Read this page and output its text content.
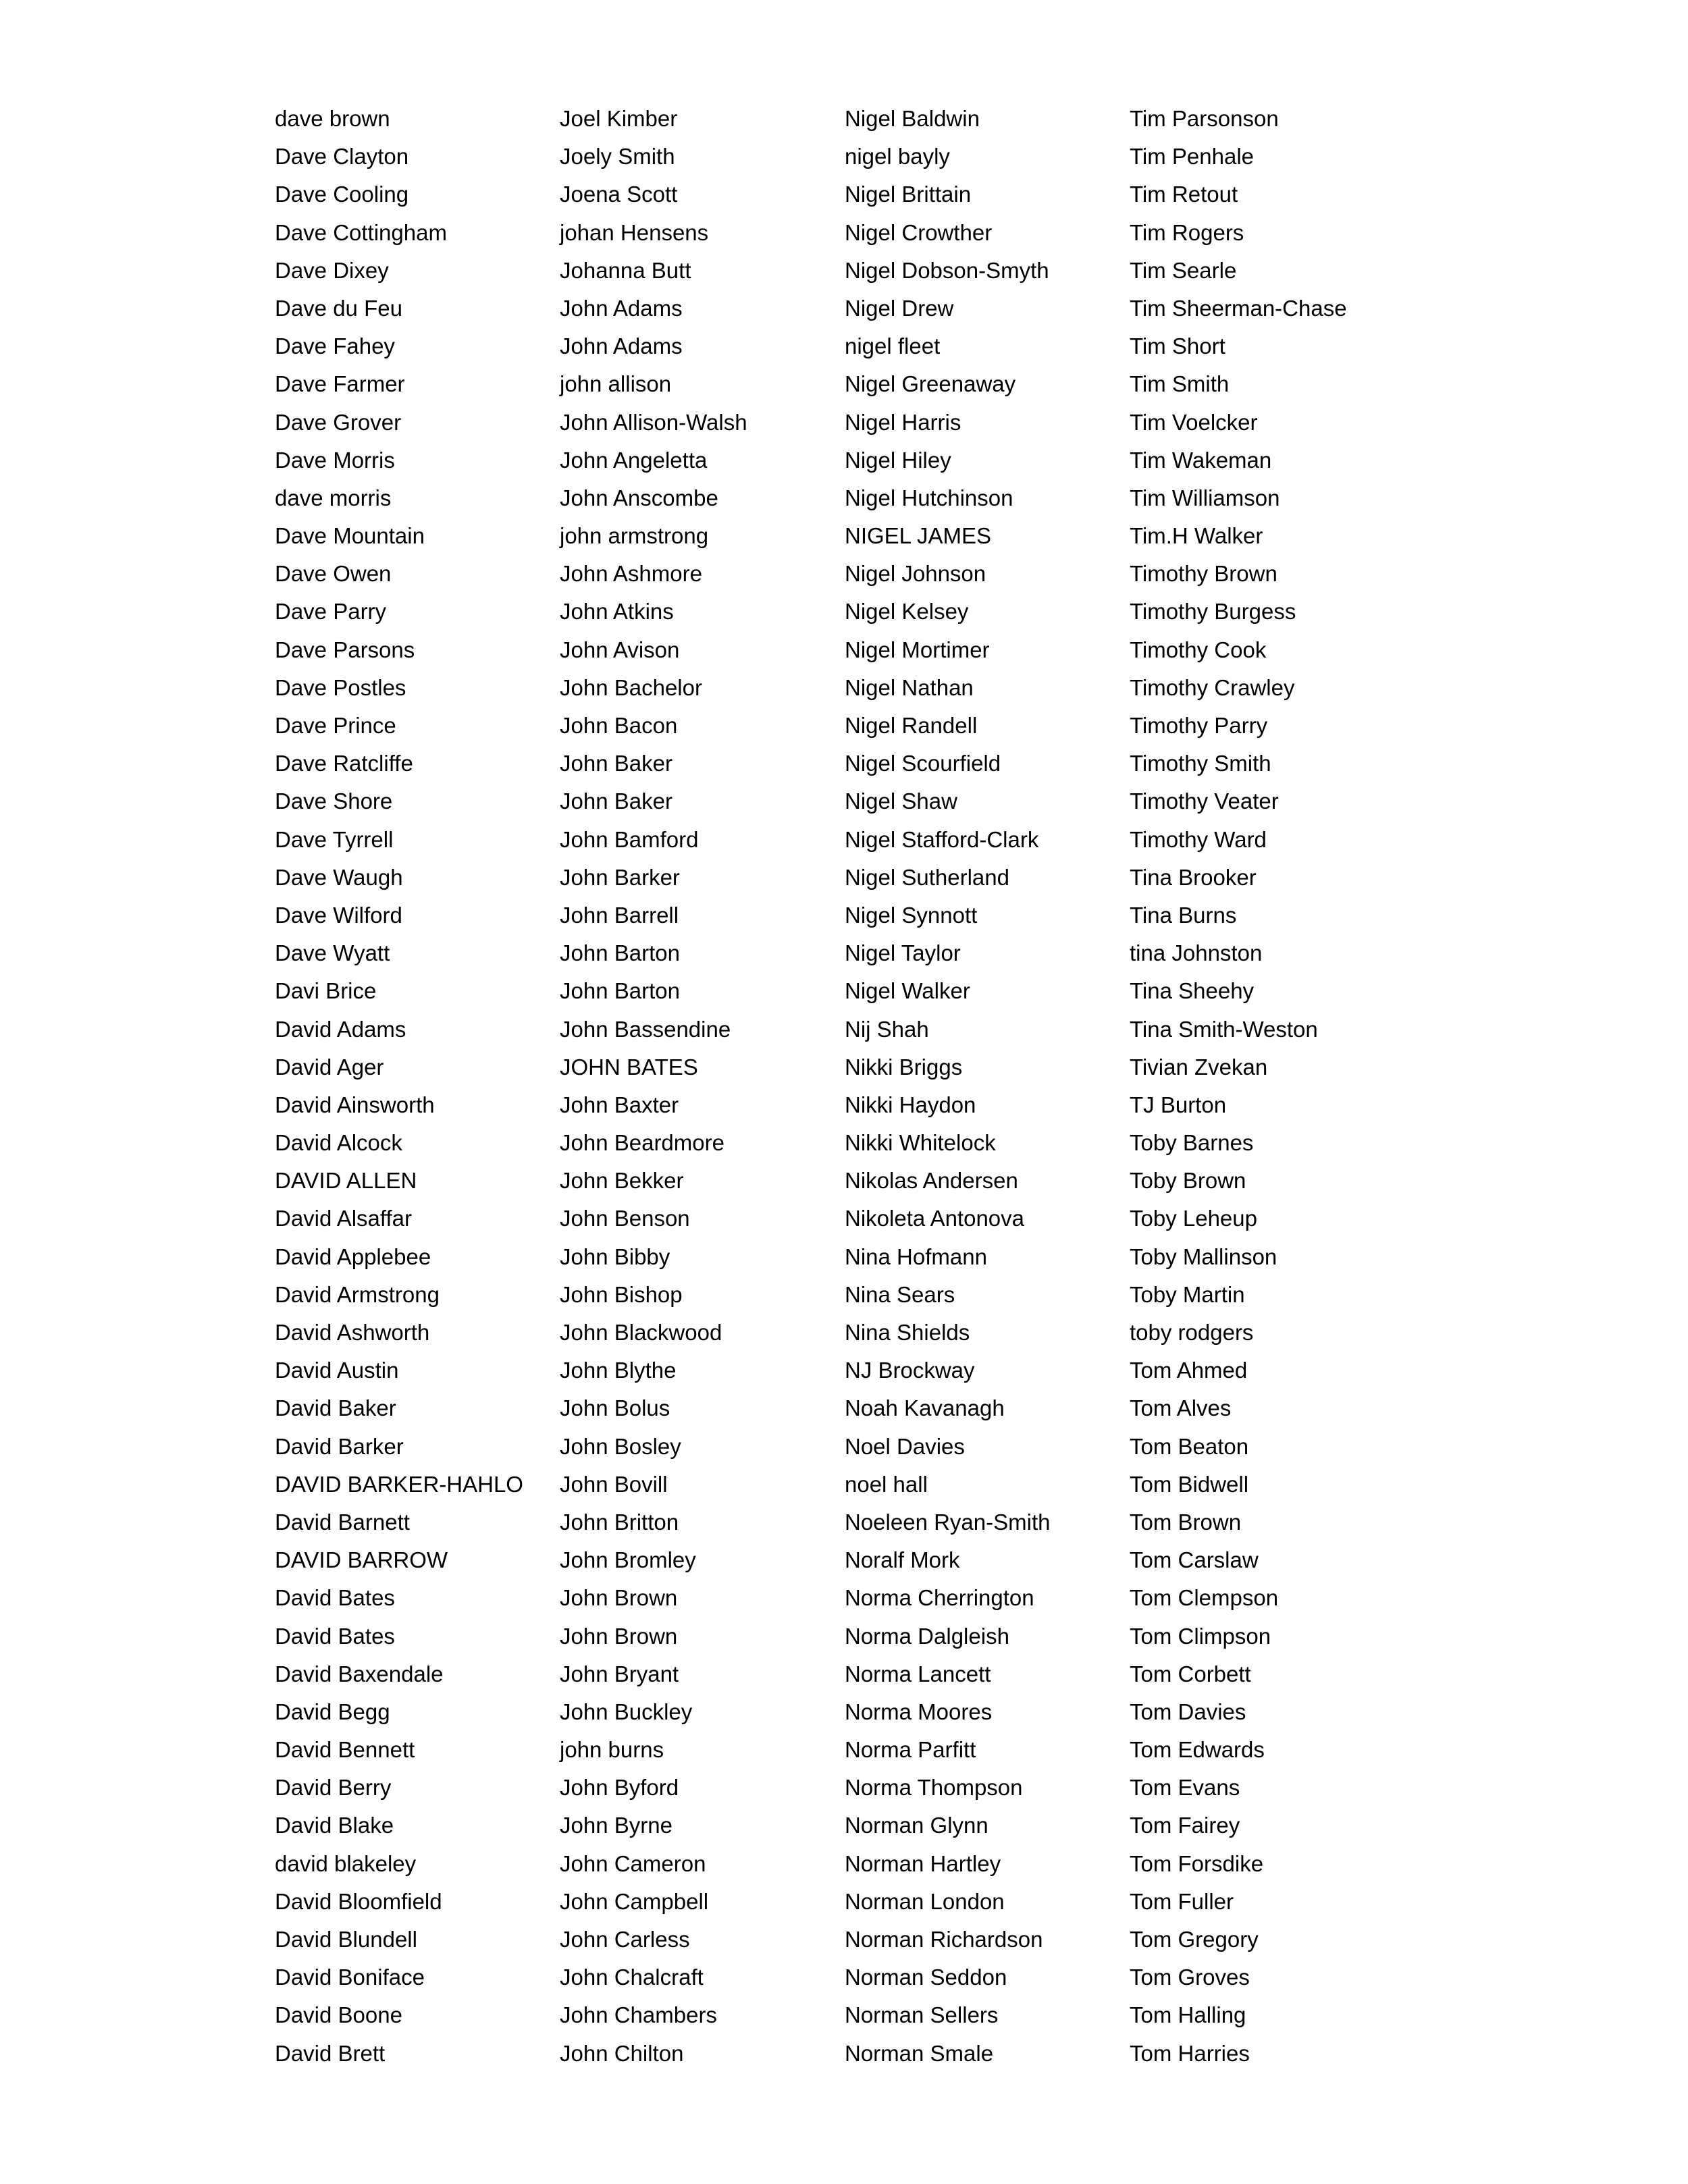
dave brown
Dave Clayton
Dave Cooling
Dave Cottingham
Dave Dixey
Dave du Feu
Dave Fahey
Dave Farmer
Dave Grover
Dave Morris
dave morris
Dave Mountain
Dave Owen
Dave Parry
Dave Parsons
Dave Postles
Dave Prince
Dave Ratcliffe
Dave Shore
Dave Tyrrell
Dave Waugh
Dave Wilford
Dave Wyatt
Davi Brice
David Adams
David Ager
David Ainsworth
David Alcock
DAVID ALLEN
David Alsaffar
David Applebee
David Armstrong
David Ashworth
David Austin
David Baker
David Barker
DAVID BARKER-HAHLO
David Barnett
DAVID BARROW
David Bates
David Bates
David Baxendale
David Begg
David Bennett
David Berry
David Blake
david blakeley
David Bloomfield
David Blundell
David Boniface
David Boone
David Brett
Joel Kimber
Joely Smith
Joena Scott
johan Hensens
Johanna Butt
John Adams
John Adams
john allison
John Allison-Walsh
John Angeletta
John Anscombe
john armstrong
John Ashmore
John Atkins
John Avison
John Bachelor
John Bacon
John Baker
John Baker
John Bamford
John Barker
John Barrell
John Barton
John Barton
John Bassendine
JOHN BATES
John Baxter
John Beardmore
John Bekker
John Benson
John Bibby
John Bishop
John Blackwood
John Blythe
John Bolus
John Bosley
John Bovill
John Britton
John Bromley
John Brown
John Brown
John Bryant
John Buckley
john burns
John Byford
John Byrne
John Cameron
John Campbell
John Carless
John Chalcraft
John Chambers
John Chilton
Nigel Baldwin
nigel bayly
Nigel Brittain
Nigel Crowther
Nigel Dobson-Smyth
Nigel Drew
nigel fleet
Nigel Greenaway
Nigel Harris
Nigel Hiley
Nigel Hutchinson
NIGEL JAMES
Nigel Johnson
Nigel Kelsey
Nigel Mortimer
Nigel Nathan
Nigel Randell
Nigel Scourfield
Nigel Shaw
Nigel Stafford-Clark
Nigel Sutherland
Nigel Synnott
Nigel Taylor
Nigel Walker
Nij Shah
Nikki Briggs
Nikki Haydon
Nikki Whitelock
Nikolas Andersen
Nikoleta Antonova
Nina Hofmann
Nina Sears
Nina Shields
NJ Brockway
Noah Kavanagh
Noel Davies
noel hall
Noeleen Ryan-Smith
Noralf Mork
Norma Cherrington
Norma Dalgleish
Norma Lancett
Norma Moores
Norma Parfitt
Norma Thompson
Norman Glynn
Norman Hartley
Norman London
Norman Richardson
Norman Seddon
Norman Sellers
Norman Smale
Tim Parsonson
Tim Penhale
Tim Retout
Tim Rogers
Tim Searle
Tim Sheerman-Chase
Tim Short
Tim Smith
Tim Voelcker
Tim Wakeman
Tim Williamson
Tim.H Walker
Timothy Brown
Timothy Burgess
Timothy Cook
Timothy Crawley
Timothy Parry
Timothy Smith
Timothy Veater
Timothy Ward
Tina Brooker
Tina Burns
tina Johnston
Tina Sheehy
Tina Smith-Weston
Tivian Zvekan
TJ Burton
Toby Barnes
Toby Brown
Toby Leheup
Toby Mallinson
Toby Martin
toby rodgers
Tom Ahmed
Tom Alves
Tom Beaton
Tom Bidwell
Tom Brown
Tom Carslaw
Tom Clempson
Tom Climpson
Tom Corbett
Tom Davies
Tom Edwards
Tom Evans
Tom Fairey
Tom Forsdike
Tom Fuller
Tom Gregory
Tom Groves
Tom Halling
Tom Harries
